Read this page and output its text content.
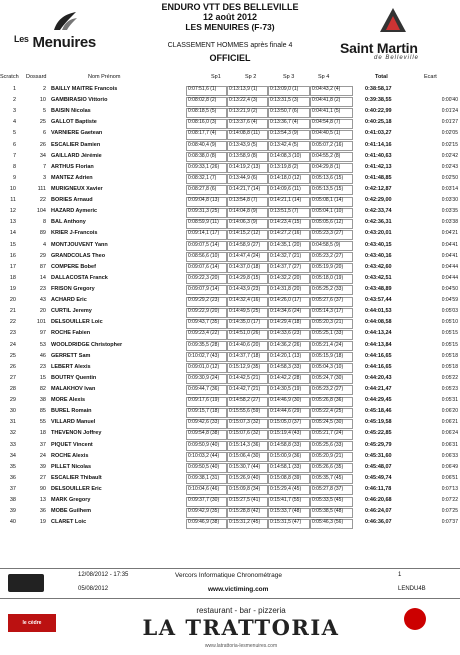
$^{Les}$ Menuires
ENDURO VTT DES BELLEVILLE
12 août 2012
LES MENUIRES (F-73)
Saint Martin
de Belleville
CLASSEMENT HOMMES après finale 4
OFFICIEL
Scratch Dossard	Nom Prénom	Sp1	Sp 2	Sp 3	Sp 4	Total	Ecart
1	2 BAILLY MAITRE Francois	0:07:51,6 (1)	0:13:13,9 (1)	0:13:09,0 (1)	0:04:43,2 (4)	0:38:58,17
2	10 GAMBIRASIO Vittorio	0:08:02,8 (2)	0:13:22,4 (3)	0:13:31,5 (3)	0:04:41,8 (2)	0:39:38,55	0:00'40
3	5 BAISIN Nicolas	0:08:18,5 (5)	0:13:21,9 (2)	0:13:50,7 (6)	0:04:41,1 (5)	0:40:22,99	0:01'24
4	25 GALLOT Baptiste	0:08:16,0 (3)	0:13:37,6 (4)	0:13:36,7 (4)	0:04:54,8 (7)	0:40:25,18	0:01'27
5	6 VARNIERE Gaetean	0:08:17,7 (4)	0:14:08,8 (11) 0:13:54,3 (9)	0:04:40,5 (1)	0:41:03,27	0:02'05
6	26 ESCALIER Damien	0:08:40,4 (9)	0:13:43,9 (5)	0:13:42,4 (5)	0:05:07,2 (16)	0:41:14,16	0:02'15
7	34 GAILLARD Jérémie	0:08:38,0 (8)	0:13:58,9 (8)	0:14:08,3 (10) 0:04:55,2 (8)	0:41:40,63	0:02'42
8	7 ARTHUS Florian	0:09:33,1 (26) 0:14:19,2 (13) 0:13:19,8 (2)	0:04:29,8 (1)	0:41:42,13	0:02'43
9	3 MANTEZ Adrien	0:08:32,1 (7)	0:13:44,9 (6)	0:14:18,0 (12) 0:05:13,6 (15)	0:41:48,85	0:02'50
10	111 MURIGNEUX Xavier	0:08:27,8 (6)	0:14:21,7 (14) 0:14:09,6 (11) 0:05:13,5 (15)	0:42:12,87	0:03'14
11	22 BORIES Arnaud	0:09:04,8 (13) 0:13:54,8 (7)	0:14:21,1 (14) 0:05:08,1 (14)	0:42:29,00	0:03'30
12	104 HAZARD Aymeric	0:09:31,3 (25) 0:14:04,8 (9)	0:13:51,5 (7)	0:05:04,1 (10)	0:42:33,74	0:03'35
13	8 BAL Anthony	0:08:59,9 (11) 0:14:06,3 (9)	0:14:23,4 (15) 0:05:05,6 (12)	0:42:36,31	0:03'38
14	89 KRIER J-Francois	0:09:14,1 (17) 0:14:15,2 (12) 0:14:27,2 (16) 0:05:23,3 (27)	0:43:20,01	0:04'21
15	4 MONTJOUVENT Yann	0:09:07,5 (14) 0:14:58,9 (27) 0:14:35,1 (20) 0:04:58,5 (9)	0:43:40,15	0:04'41
16	29 GRANDCOLAS Theo	0:08:56,6 (10) 0:14:47,4 (24) 0:14:32,7 (21) 0:05:23,2 (27)	0:43:40,16	0:04'41
17	87 COMPERE Bobef	0:09:07,6 (14) 0:14:37,0 (18) 0:14:37,7 (27) 0:05:19,9 (20)	0:43:42,60	0:04'44
18	14 DALLACOSTA Franck	0:09:22,3 (20) 0:14:29,8 (15) 0:14:32,2 (20) 0:05:18,0 (19)	0:43:42,51	0:04'44
19	23 FRISON Gregory	0:09:07,9 (14) 0:14:43,9 (23) 0:14:31,8 (20) 0:05:25,2 (33)	0:43:48,89	0:04'50
20	43 ACHARD Eric	0:09:29,2 (23) 0:14:32,4 (16) 0:14:26,0 (17) 0:05:27,6 (37)	0:43:57,44	0:04'59
21	20 CURTIL Jeremy	0:09:22,9 (20) 0:14:49,5 (25) 0:14:34,6 (24) 0:05:14,3 (17)	0:44:01,53	0:05'03
22	101 DELSOUILLER Loic	0:09:43,7 (35) 0:14:35,0 (17) 0:14:29,4 (18) 0:05:20,3 (21)	0:44:08,58	0:05'10
23	97 ROCHE Fabien	0:09:23,4 (22) 0:14:51,0 (26) 0:14:33,6 (23) 0:05:25,1 (33)	0:44:13,24	0:05'15
24	53 WOOLDRIDGE Christopher	0:09:35,5 (28) 0:14:40,6 (20) 0:14:36,2 (26) 0:05:21,4 (24)	0:44:13,84	0:05'15
25	46 GERRETT Sam	0:10:02,7 (43) 0:14:37,7 (18) 0:14:20,1 (13) 0:05:15,9 (18)	0:44:16,65	0:05'18
26	23 LEBERT Alexis	0:09:01,0 (12) 0:15:12,9 (35) 0:14:58,3 (33) 0:05:04,3 (10)	0:44:16,65	0:05'18
27	15 BOUTRY Quentin	0:09:30,9 (24) 0:14:42,5 (21) 0:14:42,2 (28) 0:05:24,7 (30)	0:44:20,43	0:05'22
28	82 MALAKHOV Ivan	0:09:44,7 (36) 0:14:42,7 (21) 0:14:30,5 (19) 0:05:23,2 (27)	0:44:21,47	0:05'23
29	38 MORE Alexis	0:09:17,6 (19) 0:14:58,2 (27) 0:14:46,9 (30) 0:05:26,8 (36)	0:44:29,45	0:05'31
30	85 BUREL Romain	0:09:15,7 (18) 0:15:55,6 (59) 0:14:44,6 (29) 0:05:22,4 (25)	0:45:18,46	0:06'20
31	55 VILLARD Manuel	0:09:42,6 (33) 0:15:07,3 (32) 0:15:05,0 (37) 0:05:24,5 (30)	0:45:19,58	0:06'21
32	18 THEVENON Joffrey	0:09:54,8 (38) 0:15:07,6 (32) 0:15:19,4 (43) 0:05:21,7 (24)	0:45:22,85	0:06'24
33	37 PIQUET Vincent	0:09:50,9 (40) 0:15:14,3 (36) 0:14:58,8 (33) 0:05:25,6 (33)	0:45:29,79	0:06'31
34	24 ROCHE Alexis	0:10:03,2 (44) 0:15:06,4 (30) 0:15:00,9 (36) 0:05:20,9 (21)	0:45:31,60	0:06'33
35	39 PILLET Nicolas	0:09:50,5 (40) 0:15:30,7 (44) 0:14:58,1 (33) 0:05:26,6 (35)	0:45:48,07	0:06'49
36	27 ESCALIER Thibault	0:09:38,1 (31) 0:15:26,9 (40) 0:15:08,8 (39) 0:05:35,7 (45)	0:45:49,74	0:06'51
37	90 DELSOUILLER Eric	0:10:04,6 (46) 0:15:09,8 (34) 0:15:29,4 (45) 0:05:27,8 (37)	0:46:11,78	0:07'13
38	13 MARK Gregory	0:09:37,7 (30) 0:15:27,5 (41) 0:15:41,7 (55) 0:05:33,5 (45)	0:46:20,68	0:07'22
39	36 MOBE Guilhem	0:09:42,9 (35) 0:15:28,8 (42) 0:15:33,7 (48) 0:05:38,5 (48)	0:46:24,07	0:07'25
40	19 CLARET Loic	0:09:46,9 (38) 0:15:31,2 (45) 0:15:31,5 (47) 0:05:46,3 (56)	0:46:36,07	0:07'37
12/08/2012 - 17:35
05/08/2012
Vercors Informatique Chronométrage
www.victiming.com
1
LENDU4B
le cèdre
restaurant - bar - pizzeria
LA TRATTORIA
www.latrattoria-lesmenuires.com
